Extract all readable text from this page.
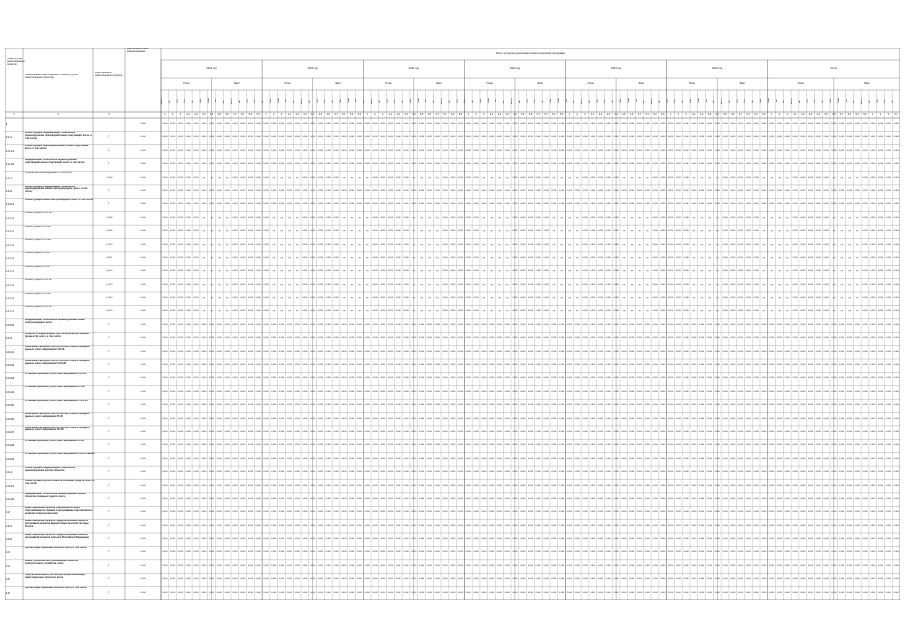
Номер группы инвестиционных проектов
Наименование инвестиционного проекта (группы инвестиционных проектов)
Идентификатор инвестиционного проекта
Фактический объем финансирования
Итого за период реализации инвестиционной программы
2019 год
План	Факт
2020 год
План	Факт
2021 год
План	Факт
2022 год
План	Факт
2023 год
План	Факт
2024 год
План	Факт
Итого
План	Факт
Всего
1
ВН
2
СН1
3
СН2
4.1
НН
4.2
МВт
4.3
МВА
4.4
км
4.5
шт.
4.6
Всего
4.7
ВН
5.1
СН1
5.2
СН2
5.3
НН
1
МВт
2
МВА
3
км
4.1
шт.
4.2
Всего
4.3
ВН
4.4
СН1
4.5
СН2
4.6
НН
4.7
МВт
5.1
МВА
5.2
км
5.3
шт.
1
Всего
2
ВН
3
СН1
4.1
СН2
4.2
НН
4.3
МВт
4.4
МВА
4.5
км
4.6
шт.
4.7
Всего
5.1
ВН
5.2
СН1
5.3
СН2
1
НН
2
МВт
3
МВА
4.1
км
4.2
шт.
4.3
Всего
4.4
ВН
4.5
СН1
4.6
СН2
4.7
НН
5.1
МВт
5.2
МВА
5.3
км
1
шт.
2
Всего
3
ВН
4.1
СН1
4.2
СН2
4.3
НН
4.4
МВт
4.5
МВА
4.6
км
4.7
шт.
5.1
Всего
5.2
ВН
5.3
СН1
1
СН2
2
НН
3
МВт
4.1
МВА
4.2
км
4.3
шт.
4.4
Всего
4.5
ВН
4.6
СН1
4.7
СН2
5.1
НН
5.2
МВт
5.3
МВА
1
км
2
шт.
3
Всего
4.1
ВН
4.2
СН1
4.3
СН2
4.4
НН
4.5
МВт
4.6
МВА
4.7
км
5.1
шт.
5.2
Всего
5.3
ВН
1
СН1
2
СН2
3
НН
4.1
1	2	3
1	0,000	0,000	0,000	0,000	0,000	0,000	0,000	0,000	0,000	0,000	0,000	0,000	0,000	0,000	0,000	0,000	0,000	0,000	0,000	0,000	0,000	0,000	0,000	0,000	0,000	0,000	0,000	0,000	0,000	0,000	0,000	0,000	0,000	0,000	0,000	0,000	0,000	0,000	0,000	0,000	0,000	0,000	0,000	0,000	0,000	0,000	0,000	0,000	0,000	0,000	0,000	0,000	0,000	0,000	0,000	0,000	0,000	0,000	0,000	0,000	0,000	0,000	0,000	0,000	0,000	0,000	0,000	0,000	0,000	0,000	0,000	0,000	0,000	0,000	0,000	0,000	0,000	0,000	0,000	0,000	0,000	0,000	0,000	0,000	0,000	0,000	0,000	0,000	0,000	0,000	0,000	0,000	0,000	0,000	0,000	0,000
1.1.1
Реконструкция, модернизация, техническое перевооружение трансформаторных подстанций, всего, в том числе:
Г	0,000	0,000	0,000	0,000	0,000	0,000	0,000	0,000	0,000	0,000	0,000	0,000	0,000	0,000	0,000	0,000	0,000	0,000	0,000	0,000	0,000	0,000	0,000	0,000	0,000	0,000	0,000	0,000	0,000	0,000	0,000	0,000	0,000	0,000	0,000	0,000	0,000	0,000	0,000	0,000	0,000	0,000	0,000	0,000	0,000	0,000	0,000	0,000	0,000	0,000	0,000	0,000	0,000	0,000	0,000	0,000	0,000	0,000	0,000	0,000	0,000	0,000	0,000	0,000	0,000	0,000	0,000	0,000	0,000	0,000	0,000	0,000	0,000	0,000	0,000	0,000	0,000	0,000	0,000	0,000	0,000	0,000	0,000	0,000	0,000	0,000	0,000	0,000	0,000	0,000	0,000	0,000	0,000	0,000	0,000	0,000
1.1.1.1
Реконструкция трансформаторных и иных подстанций, всего, в том числе:
Г	0,000	0,000	0,000	0,000	0,000	0,000	0,000	0,000	0,000	0,000	0,000	0,000	0,000	0,000	0,000	0,000	0,000	0,000	0,000	0,000	0,000	0,000	0,000	0,000	0,000	0,000	0,000	0,000	0,000	0,000	0,000	0,000	0,000	0,000	0,000	0,000	0,000	0,000	0,000	0,000	0,000	0,000	0,000	0,000	0,000	0,000	0,000	0,000	0,000	0,000	0,000	0,000	0,000	0,000	0,000	0,000	0,000	0,000	0,000	0,000	0,000	0,000	0,000	0,000	0,000	0,000	0,000	0,000	0,000	0,000	0,000	0,000	0,000	0,000	0,000	0,000	0,000	0,000	0,000	0,000	0,000	0,000	0,000	0,000	0,000	0,000	0,000	0,000	0,000	0,000	0,000	0,000	0,000	0,000	0,000	0,000
1.1.1.2
Модернизация, техническое перевооружение трансформаторных подстанций, всего, в том числе:
Г	0,000	0,000	0,000	0,000	0,000	0,000	0,000	0,000	0,000	0,000	0,000	0,000	0,000	0,000	0,000	0,000	0,000	0,000	0,000	0,000	0,000	0,000	0,000	0,000	0,000	0,000	0,000	0,000	0,000	0,000	0,000	0,000	0,000	0,000	0,000	0,000	0,000	0,000	0,000	0,000	0,000	0,000	0,000	0,000	0,000	0,000	0,000	0,000	0,000	0,000	0,000	0,000	0,000	0,000	0,000	0,000	0,000	0,000	0,000	0,000	0,000	0,000	0,000	0,000	0,000	0,000	0,000	0,000	0,000	0,000	0,000	0,000	0,000	0,000	0,000	0,000	0,000	0,000	0,000	0,000	0,000	0,000	0,000	0,000	0,000	0,000	0,000	0,000	0,000	0,000	0,000	0,000	0,000	0,000	0,000	0,000
1.2.1
Техническое перевооружение ПС 110/10 кВ
J_0004	0,000	0,000	0,000	0,000	0,000	0,000	нд	нд	нд	нд	0,000	0,000	0,000	0,000	0,000	нд	нд	нд	нд	0,000	0,000	0,000	0,000	0,000	нд	нд	нд	нд	0,000	0,000	0,000	0,000	0,000	нд	нд	нд	нд	0,000	0,000	0,000	0,000	0,000	нд	нд	нд	нд	0,000	0,000	0,000	0,000	0,000	нд	нд	нд	нд	0,000	0,000	0,000	0,000	0,000	нд	нд	нд	нд	0,000	0,000	0,000	0,000	0,000	нд	нд	нд	нд	0,000	0,000	0,000	0,000	0,000	нд	нд	нд	нд	0,000	0,000	0,000	0,000	0,000	нд	нд	нд	нд	0,000	0,000	0,000	0,000	0,000
1.1.2
Реконструкция, модернизация, техническое перевооружение линий электропередачи, всего, в том числе:
Г	0,000	0,000	0,000	0,000	0,000	0,000	0,000	0,000	0,000	0,000	0,000	0,000	0,000	0,000	0,000	0,000	0,000	0,000	0,000	0,000	0,000	0,000	0,000	0,000	0,000	0,000	0,000	0,000	0,000	0,000	0,000	0,000	0,000	0,000	0,000	0,000	0,000	0,000	0,000	0,000	0,000	0,000	0,000	0,000	0,000	0,000	0,000	0,000	0,000	0,000	0,000	0,000	0,000	0,000	0,000	0,000	0,000	0,000	0,000	0,000	0,000	0,000	0,000	0,000	0,000	0,000	0,000	0,000	0,000	0,000	0,000	0,000	0,000	0,000	0,000	0,000	0,000	0,000	0,000	0,000	0,000	0,000	0,000	0,000	0,000	0,000	0,000	0,000	0,000	0,000	0,000	0,000	0,000	0,000	0,000	0,000
1.1.2.1
Реконструкция линий электропередачи, всего, в том числе:
Г	0,000	0,000	0,000	0,000	0,000	0,000	0,000	0,000	0,000	0,000	0,000	0,000	0,000	0,000	0,000	0,000	0,000	0,000	0,000	0,000	0,000	0,000	0,000	0,000	0,000	0,000	0,000	0,000	0,000	0,000	0,000	0,000	0,000	0,000	0,000	0,000	0,000	0,000	0,000	0,000	0,000	0,000	0,000	0,000	0,000	0,000	0,000	0,000	0,000	0,000	0,000	0,000	0,000	0,000	0,000	0,000	0,000	0,000	0,000	0,000	0,000	0,000	0,000	0,000	0,000	0,000	0,000	0,000	0,000	0,000	0,000	0,000	0,000	0,000	0,000	0,000	0,000	0,000	0,000	0,000	0,000	0,000	0,000	0,000	0,000	0,000	0,000	0,000	0,000	0,000	0,000	0,000	0,000	0,000	0,000	0,000
1.1.2.1
Реконструкция ВЛ 0,4 кВ
J_0008	0,000	0,000	0,000	0,000	0,000	0,000	нд	нд	нд	нд	0,000	0,000	0,000	0,000	0,000	нд	нд	нд	нд	0,000	0,000	0,000	0,000	0,000	нд	нд	нд	нд	0,000	0,000	0,000	0,000	0,000	нд	нд	нд	нд	0,000	0,000	0,000	0,000	0,000	нд	нд	нд	нд	0,000	0,000	0,000	0,000	0,000	нд	нд	нд	нд	0,000	0,000	0,000	0,000	0,000	нд	нд	нд	нд	0,000	0,000	0,000	0,000	0,000	нд	нд	нд	нд	0,000	0,000	0,000	0,000	0,000	нд	нд	нд	нд	0,000	0,000	0,000	0,000	0,000	нд	нд	нд	нд	0,000	0,000	0,000	0,000	0,000
1.1.2.1
Реконструкция ВЛ 10 кВ
J_0009	0,000	0,000	0,000	0,000	0,000	0,000	нд	нд	нд	нд	0,000	0,000	0,000	0,000	0,000	нд	нд	нд	нд	0,000	0,000	0,000	0,000	0,000	нд	нд	нд	нд	0,000	0,000	0,000	0,000	0,000	нд	нд	нд	нд	0,000	0,000	0,000	0,000	0,000	нд	нд	нд	нд	0,000	0,000	0,000	0,000	0,000	нд	нд	нд	нд	0,000	0,000	0,000	0,000	0,000	нд	нд	нд	нд	0,000	0,000	0,000	0,000	0,000	нд	нд	нд	нд	0,000	0,000	0,000	0,000	0,000	нд	нд	нд	нд	0,000	0,000	0,000	0,000	0,000	нд	нд	нд	нд	0,000	0,000	0,000	0,000	0,000
1.1.2.1
Реконструкция КЛ 10 кВ
J_0010	0,000	0,000	0,000	0,000	0,000	0,000	нд	нд	нд	нд	0,000	0,000	0,000	0,000	0,000	нд	нд	нд	нд	0,000	0,000	0,000	0,000	0,000	нд	нд	нд	нд	0,000	0,000	0,000	0,000	0,000	нд	нд	нд	нд	0,000	0,000	0,000	0,000	0,000	нд	нд	нд	нд	0,000	0,000	0,000	0,000	0,000	нд	нд	нд	нд	0,000	0,000	0,000	0,000	0,000	нд	нд	нд	нд	0,000	0,000	0,000	0,000	0,000	нд	нд	нд	нд	0,000	0,000	0,000	0,000	0,000	нд	нд	нд	нд	0,000	0,000	0,000	0,000	0,000	нд	нд	нд	нд	0,000	0,000	0,000	0,000	0,000
1.1.2.1
Реконструкция ВЛ 6 кВ
J_0011	0,000	0,000	0,000	0,000	0,000	0,000	нд	нд	нд	нд	0,000	0,000	0,000	0,000	0,000	нд	нд	нд	нд	0,000	0,000	0,000	0,000	0,000	нд	нд	нд	нд	0,000	0,000	0,000	0,000	0,000	нд	нд	нд	нд	0,000	0,000	0,000	0,000	0,000	нд	нд	нд	нд	0,000	0,000	0,000	0,000	0,000	нд	нд	нд	нд	0,000	0,000	0,000	0,000	0,000	нд	нд	нд	нд	0,000	0,000	0,000	0,000	0,000	нд	нд	нд	нд	0,000	0,000	0,000	0,000	0,000	нд	нд	нд	нд	0,000	0,000	0,000	0,000	0,000	нд	нд	нд	нд	0,000	0,000	0,000	0,000	0,000
1.1.2.1
Реконструкция КЛ 6 кВ
J_0012	0,000	0,000	0,000	0,000	0,000	0,000	нд	нд	нд	нд	0,000	0,000	0,000	0,000	0,000	нд	нд	нд	нд	0,000	0,000	0,000	0,000	0,000	нд	нд	нд	нд	0,000	0,000	0,000	0,000	0,000	нд	нд	нд	нд	0,000	0,000	0,000	0,000	0,000	нд	нд	нд	нд	0,000	0,000	0,000	0,000	0,000	нд	нд	нд	нд	0,000	0,000	0,000	0,000	0,000	нд	нд	нд	нд	0,000	0,000	0,000	0,000	0,000	нд	нд	нд	нд	0,000	0,000	0,000	0,000	0,000	нд	нд	нд	нд	0,000	0,000	0,000	0,000	0,000	нд	нд	нд	нд	0,000	0,000	0,000	0,000	0,000
1.1.2.1
Реконструкция ВЛ 0,4 кВ
J_0013	0,000	0,000	0,000	0,000	0,000	0,000	нд	нд	нд	нд	0,000	0,000	0,000	0,000	0,000	нд	нд	нд	нд	0,000	0,000	0,000	0,000	0,000	нд	нд	нд	нд	0,000	0,000	0,000	0,000	0,000	нд	нд	нд	нд	0,000	0,000	0,000	0,000	0,000	нд	нд	нд	нд	0,000	0,000	0,000	0,000	0,000	нд	нд	нд	нд	0,000	0,000	0,000	0,000	0,000	нд	нд	нд	нд	0,000	0,000	0,000	0,000	0,000	нд	нд	нд	нд	0,000	0,000	0,000	0,000	0,000	нд	нд	нд	нд	0,000	0,000	0,000	0,000	0,000	нд	нд	нд	нд	0,000	0,000	0,000	0,000	0,000
1.1.2.1
Реконструкция ВЛ 10 кВ
J_0014	0,000	0,000	0,000	0,000	0,000	0,000	нд	нд	нд	нд	0,000	0,000	0,000	0,000	0,000	нд	нд	нд	нд	0,000	0,000	0,000	0,000	0,000	нд	нд	нд	нд	0,000	0,000	0,000	0,000	0,000	нд	нд	нд	нд	0,000	0,000	0,000	0,000	0,000	нд	нд	нд	нд	0,000	0,000	0,000	0,000	0,000	нд	нд	нд	нд	0,000	0,000	0,000	0,000	0,000	нд	нд	нд	нд	0,000	0,000	0,000	0,000	0,000	нд	нд	нд	нд	0,000	0,000	0,000	0,000	0,000	нд	нд	нд	нд	0,000	0,000	0,000	0,000	0,000	нд	нд	нд	нд	0,000	0,000	0,000	0,000	0,000
1.1.2.1
Реконструкция ВЛ 0,4 кВ
J_0015	0,000	0,000	0,000	0,000	0,000	0,000	нд	нд	нд	нд	0,000	0,000	0,000	0,000	0,000	нд	нд	нд	нд	0,000	0,000	0,000	0,000	0,000	нд	нд	нд	нд	0,000	0,000	0,000	0,000	0,000	нд	нд	нд	нд	0,000	0,000	0,000	0,000	0,000	нд	нд	нд	нд	0,000	0,000	0,000	0,000	0,000	нд	нд	нд	нд	0,000	0,000	0,000	0,000	0,000	нд	нд	нд	нд	0,000	0,000	0,000	0,000	0,000	нд	нд	нд	нд	0,000	0,000	0,000	0,000	0,000	нд	нд	нд	нд	0,000	0,000	0,000	0,000	0,000	нд	нд	нд	нд	0,000	0,000	0,000	0,000	0,000
1.1.2.2
Модернизация, техническое перевооружение линий электропередачи, всего
Г	0,000	0,000	0,000	0,000	0,000	0,000	0,000	0,000	0,000	0,000	0,000	0,000	0,000	0,000	0,000	0,000	0,000	0,000	0,000	0,000	0,000	0,000	0,000	0,000	0,000	0,000	0,000	0,000	0,000	0,000	0,000	0,000	0,000	0,000	0,000	0,000	0,000	0,000	0,000	0,000	0,000	0,000	0,000	0,000	0,000	0,000	0,000	0,000	0,000	0,000	0,000	0,000	0,000	0,000	0,000	0,000	0,000	0,000	0,000	0,000	0,000	0,000	0,000	0,000	0,000	0,000	0,000	0,000	0,000	0,000	0,000	0,000	0,000	0,000	0,000	0,000	0,000	0,000	0,000	0,000	0,000	0,000	0,000	0,000	0,000	0,000	0,000	0,000	0,000	0,000	0,000	0,000	0,000	0,000	0,000	0,000
1.1.3
Развитие и модернизация учета электрической энергии (мощности), всего, в том числе:
Г	0,000	0,000	0,000	0,000	0,000	0,000	0,000	0,000	0,000	0,000	0,000	0,000	0,000	0,000	0,000	0,000	0,000	0,000	0,000	0,000	0,000	0,000	0,000	0,000	0,000	0,000	0,000	0,000	0,000	0,000	0,000	0,000	0,000	0,000	0,000	0,000	0,000	0,000	0,000	0,000	0,000	0,000	0,000	0,000	0,000	0,000	0,000	0,000	0,000	0,000	0,000	0,000	0,000	0,000	0,000	0,000	0,000	0,000	0,000	0,000	0,000	0,000	0,000	0,000	0,000	0,000	0,000	0,000	0,000	0,000	0,000	0,000	0,000	0,000	0,000	0,000	0,000	0,000	0,000	0,000	0,000	0,000	0,000	0,000	0,000	0,000	0,000	0,000	0,000	0,000	0,000	0,000	0,000	0,000	0,000	0,000
1.1.3.1
Включение приборов учета в систему сбора и передачи данных, класс напряжения 0,22 кВ
Г	0,000	0,000	0,000	0,000	0,000	0,000	0,000	0,000	0,000	0,000	0,000	0,000	0,000	0,000	0,000	0,000	0,000	0,000	0,000	0,000	0,000	0,000	0,000	0,000	0,000	0,000	0,000	0,000	0,000	0,000	0,000	0,000	0,000	0,000	0,000	0,000	0,000	0,000	0,000	0,000	0,000	0,000	0,000	0,000	0,000	0,000	0,000	0,000	0,000	0,000	0,000	0,000	0,000	0,000	0,000	0,000	0,000	0,000	0,000	0,000	0,000	0,000	0,000	0,000	0,000	0,000	0,000	0,000	0,000	0,000	0,000	0,000	0,000	0,000	0,000	0,000	0,000	0,000	0,000	0,000	0,000	0,000	0,000	0,000	0,000	0,000	0,000	0,000	0,000	0,000	0,000	0,000	0,000	0,000	0,000	0,000
1.1.3.2
Включение приборов учета в систему сбора и передачи данных, класс напряжения 6 (10) кВ
Г	0,000	0,000	0,000	0,000	0,000	0,000	0,000	0,000	0,000	0,000	0,000	0,000	0,000	0,000	0,000	0,000	0,000	0,000	0,000	0,000	0,000	0,000	0,000	0,000	0,000	0,000	0,000	0,000	0,000	0,000	0,000	0,000	0,000	0,000	0,000	0,000	0,000	0,000	0,000	0,000	0,000	0,000	0,000	0,000	0,000	0,000	0,000	0,000	0,000	0,000	0,000	0,000	0,000	0,000	0,000	0,000	0,000	0,000	0,000	0,000	0,000	0,000	0,000	0,000	0,000	0,000	0,000	0,000	0,000	0,000	0,000	0,000	0,000	0,000	0,000	0,000	0,000	0,000	0,000	0,000	0,000	0,000	0,000	0,000	0,000	0,000	0,000	0,000	0,000	0,000	0,000	0,000	0,000	0,000	0,000	0,000
1.1.3.3
Установка приборов учета, класс напряжения 0,22 кВ
Г	0,000	0,000	0,000	0,000	0,000	0,000	0,000	0,000	0,000	0,000	0,000	0,000	0,000	0,000	0,000	0,000	0,000	0,000	0,000	0,000	0,000	0,000	0,000	0,000	0,000	0,000	0,000	0,000	0,000	0,000	0,000	0,000	0,000	0,000	0,000	0,000	0,000	0,000	0,000	0,000	0,000	0,000	0,000	0,000	0,000	0,000	0,000	0,000	0,000	0,000	0,000	0,000	0,000	0,000	0,000	0,000	0,000	0,000	0,000	0,000	0,000	0,000	0,000	0,000	0,000	0,000	0,000	0,000	0,000	0,000	0,000	0,000	0,000	0,000	0,000	0,000	0,000	0,000	0,000	0,000	0,000	0,000	0,000	0,000	0,000	0,000	0,000	0,000	0,000	0,000	0,000	0,000	0,000	0,000	0,000	0,000
1.1.3.4
Установка приборов учета, класс напряжения 0,4 кВ
Г	0,000	0,000	0,000	0,000	0,000	0,000	0,000	0,000	0,000	0,000	0,000	0,000	0,000	0,000	0,000	0,000	0,000	0,000	0,000	0,000	0,000	0,000	0,000	0,000	0,000	0,000	0,000	0,000	0,000	0,000	0,000	0,000	0,000	0,000	0,000	0,000	0,000	0,000	0,000	0,000	0,000	0,000	0,000	0,000	0,000	0,000	0,000	0,000	0,000	0,000	0,000	0,000	0,000	0,000	0,000	0,000	0,000	0,000	0,000	0,000	0,000	0,000	0,000	0,000	0,000	0,000	0,000	0,000	0,000	0,000	0,000	0,000	0,000	0,000	0,000	0,000	0,000	0,000	0,000	0,000	0,000	0,000	0,000	0,000	0,000	0,000	0,000	0,000	0,000	0,000	0,000	0,000	0,000	0,000	0,000	0,000
1.1.3.5
Установка приборов учета, класс напряжения 6 (10) кВ
Г	0,000	0,000	0,000	0,000	0,000	0,000	0,000	0,000	0,000	0,000	0,000	0,000	0,000	0,000	0,000	0,000	0,000	0,000	0,000	0,000	0,000	0,000	0,000	0,000	0,000	0,000	0,000	0,000	0,000	0,000	0,000	0,000	0,000	0,000	0,000	0,000	0,000	0,000	0,000	0,000	0,000	0,000	0,000	0,000	0,000	0,000	0,000	0,000	0,000	0,000	0,000	0,000	0,000	0,000	0,000	0,000	0,000	0,000	0,000	0,000	0,000	0,000	0,000	0,000	0,000	0,000	0,000	0,000	0,000	0,000	0,000	0,000	0,000	0,000	0,000	0,000	0,000	0,000	0,000	0,000	0,000	0,000	0,000	0,000	0,000	0,000	0,000	0,000	0,000	0,000	0,000	0,000	0,000	0,000	0,000	0,000
1.1.3.6
Включение приборов учета в систему сбора и передачи данных, класс напряжения 35 кВ
Г	0,000	0,000	0,000	0,000	0,000	0,000	0,000	0,000	0,000	0,000	0,000	0,000	0,000	0,000	0,000	0,000	0,000	0,000	0,000	0,000	0,000	0,000	0,000	0,000	0,000	0,000	0,000	0,000	0,000	0,000	0,000	0,000	0,000	0,000	0,000	0,000	0,000	0,000	0,000	0,000	0,000	0,000	0,000	0,000	0,000	0,000	0,000	0,000	0,000	0,000	0,000	0,000	0,000	0,000	0,000	0,000	0,000	0,000	0,000	0,000	0,000	0,000	0,000	0,000	0,000	0,000	0,000	0,000	0,000	0,000	0,000	0,000	0,000	0,000	0,000	0,000	0,000	0,000	0,000	0,000	0,000	0,000	0,000	0,000	0,000	0,000	0,000	0,000	0,000	0,000	0,000	0,000	0,000	0,000	0,000	0,000
1.1.3.7
Включение приборов учета в систему сбора и передачи данных, класс напряжения 110 кВ
Г	0,000	0,000	0,000	0,000	0,000	0,000	0,000	0,000	0,000	0,000	0,000	0,000	0,000	0,000	0,000	0,000	0,000	0,000	0,000	0,000	0,000	0,000	0,000	0,000	0,000	0,000	0,000	0,000	0,000	0,000	0,000	0,000	0,000	0,000	0,000	0,000	0,000	0,000	0,000	0,000	0,000	0,000	0,000	0,000	0,000	0,000	0,000	0,000	0,000	0,000	0,000	0,000	0,000	0,000	0,000	0,000	0,000	0,000	0,000	0,000	0,000	0,000	0,000	0,000	0,000	0,000	0,000	0,000	0,000	0,000	0,000	0,000	0,000	0,000	0,000	0,000	0,000	0,000	0,000	0,000	0,000	0,000	0,000	0,000	0,000	0,000	0,000	0,000	0,000	0,000	0,000	0,000	0,000	0,000	0,000	0,000
1.1.3.8
Установка приборов учета, класс напряжения 35 кВ
Г	0,000	0,000	0,000	0,000	0,000	0,000	0,000	0,000	0,000	0,000	0,000	0,000	0,000	0,000	0,000	0,000	0,000	0,000	0,000	0,000	0,000	0,000	0,000	0,000	0,000	0,000	0,000	0,000	0,000	0,000	0,000	0,000	0,000	0,000	0,000	0,000	0,000	0,000	0,000	0,000	0,000	0,000	0,000	0,000	0,000	0,000	0,000	0,000	0,000	0,000	0,000	0,000	0,000	0,000	0,000	0,000	0,000	0,000	0,000	0,000	0,000	0,000	0,000	0,000	0,000	0,000	0,000	0,000	0,000	0,000	0,000	0,000	0,000	0,000	0,000	0,000	0,000	0,000	0,000	0,000	0,000	0,000	0,000	0,000	0,000	0,000	0,000	0,000	0,000	0,000	0,000	0,000	0,000	0,000	0,000	0,000
1.1.3.9
Установка приборов учета, класс напряжения 110 кВ и выше
Г	0,000	0,000	0,000	0,000	0,000	0,000	0,000	0,000	0,000	0,000	0,000	0,000	0,000	0,000	0,000	0,000	0,000	0,000	0,000	0,000	0,000	0,000	0,000	0,000	0,000	0,000	0,000	0,000	0,000	0,000	0,000	0,000	0,000	0,000	0,000	0,000	0,000	0,000	0,000	0,000	0,000	0,000	0,000	0,000	0,000	0,000	0,000	0,000	0,000	0,000	0,000	0,000	0,000	0,000	0,000	0,000	0,000	0,000	0,000	0,000	0,000	0,000	0,000	0,000	0,000	0,000	0,000	0,000	0,000	0,000	0,000	0,000	0,000	0,000	0,000	0,000	0,000	0,000	0,000	0,000	0,000	0,000	0,000	0,000	0,000	0,000	0,000	0,000	0,000	0,000	0,000	0,000	0,000	0,000	0,000	0,000
1.1.4
Реконструкция, модернизация, техническое перевооружение прочих объектов
Г	0,000	0,000	0,000	0,000	0,000	0,000	0,000	0,000	0,000	0,000	0,000	0,000	0,000	0,000	0,000	0,000	0,000	0,000	0,000	0,000	0,000	0,000	0,000	0,000	0,000	0,000	0,000	0,000	0,000	0,000	0,000	0,000	0,000	0,000	0,000	0,000	0,000	0,000	0,000	0,000	0,000	0,000	0,000	0,000	0,000	0,000	0,000	0,000	0,000	0,000	0,000	0,000	0,000	0,000	0,000	0,000	0,000	0,000	0,000	0,000	0,000	0,000	0,000	0,000	0,000	0,000	0,000	0,000	0,000	0,000	0,000	0,000	0,000	0,000	0,000	0,000	0,000	0,000	0,000	0,000	0,000	0,000	0,000	0,000	0,000	0,000	0,000	0,000	0,000	0,000	0,000	0,000	0,000	0,000	0,000	0,000
1.1.4.1
Реконструкция прочих объектов основных средств, всего, в том числе:
Г	0,000	0,000	0,000	0,000	0,000	0,000	0,000	0,000	0,000	0,000	0,000	0,000	0,000	0,000	0,000	0,000	0,000	0,000	0,000	0,000	0,000	0,000	0,000	0,000	0,000	0,000	0,000	0,000	0,000	0,000	0,000	0,000	0,000	0,000	0,000	0,000	0,000	0,000	0,000	0,000	0,000	0,000	0,000	0,000	0,000	0,000	0,000	0,000	0,000	0,000	0,000	0,000	0,000	0,000	0,000	0,000	0,000	0,000	0,000	0,000	0,000	0,000	0,000	0,000	0,000	0,000	0,000	0,000	0,000	0,000	0,000	0,000	0,000	0,000	0,000	0,000	0,000	0,000	0,000	0,000	0,000	0,000	0,000	0,000	0,000	0,000	0,000	0,000	0,000	0,000	0,000	0,000	0,000	0,000	0,000	0,000
1.1.4.2
Модернизация, техническое перевооружение прочих объектов основных средств, всего
Г	0,000	0,000	0,000	0,000	0,000	0,000	0,000	0,000	0,000	0,000	0,000	0,000	0,000	0,000	0,000	0,000	0,000	0,000	0,000	0,000	0,000	0,000	0,000	0,000	0,000	0,000	0,000	0,000	0,000	0,000	0,000	0,000	0,000	0,000	0,000	0,000	0,000	0,000	0,000	0,000	0,000	0,000	0,000	0,000	0,000	0,000	0,000	0,000	0,000	0,000	0,000	0,000	0,000	0,000	0,000	0,000	0,000	0,000	0,000	0,000	0,000	0,000	0,000	0,000	0,000	0,000	0,000	0,000	0,000	0,000	0,000	0,000	0,000	0,000	0,000	0,000	0,000	0,000	0,000	0,000	0,000	0,000	0,000	0,000	0,000	0,000	0,000	0,000	0,000	0,000	0,000	0,000	0,000	0,000	0,000	0,000
1.2
Инвестиционные проекты, реализация которых обуславливается схемами и программами перспективного развития электроэнергетики
Г	0,000	0,000	0,000	0,000	0,000	0,000	0,000	0,000	0,000	0,000	0,000	0,000	0,000	0,000	0,000	0,000	0,000	0,000	0,000	0,000	0,000	0,000	0,000	0,000	0,000	0,000	0,000	0,000	0,000	0,000	0,000	0,000	0,000	0,000	0,000	0,000	0,000	0,000	0,000	0,000	0,000	0,000	0,000	0,000	0,000	0,000	0,000	0,000	0,000	0,000	0,000	0,000	0,000	0,000	0,000	0,000	0,000	0,000	0,000	0,000	0,000	0,000	0,000	0,000	0,000	0,000	0,000	0,000	0,000	0,000	0,000	0,000	0,000	0,000	0,000	0,000	0,000	0,000	0,000	0,000	0,000	0,000	0,000	0,000	0,000	0,000	0,000	0,000	0,000	0,000	0,000	0,000	0,000	0,000	0,000	0,000
1.2.1
Инвестиционные проекты, предусмотренные схемой и программой развития Единой энергетической системы России
Г	0,000	0,000	0,000	0,000	0,000	0,000	0,000	0,000	0,000	0,000	0,000	0,000	0,000	0,000	0,000	0,000	0,000	0,000	0,000	0,000	0,000	0,000	0,000	0,000	0,000	0,000	0,000	0,000	0,000	0,000	0,000	0,000	0,000	0,000	0,000	0,000	0,000	0,000	0,000	0,000	0,000	0,000	0,000	0,000	0,000	0,000	0,000	0,000	0,000	0,000	0,000	0,000	0,000	0,000	0,000	0,000	0,000	0,000	0,000	0,000	0,000	0,000	0,000	0,000	0,000	0,000	0,000	0,000	0,000	0,000	0,000	0,000	0,000	0,000	0,000	0,000	0,000	0,000	0,000	0,000	0,000	0,000	0,000	0,000	0,000	0,000	0,000	0,000	0,000	0,000	0,000	0,000	0,000	0,000	0,000	0,000
1.2.2
Инвестиционные проекты, предусмотренные схемой и программой развития субъекта Российской Федерации
Г	0,000	0,000	0,000	0,000	0,000	0,000	0,000	0,000	0,000	0,000	0,000	0,000	0,000	0,000	0,000	0,000	0,000	0,000	0,000	0,000	0,000	0,000	0,000	0,000	0,000	0,000	0,000	0,000	0,000	0,000	0,000	0,000	0,000	0,000	0,000	0,000	0,000	0,000	0,000	0,000	0,000	0,000	0,000	0,000	0,000	0,000	0,000	0,000	0,000	0,000	0,000	0,000	0,000	0,000	0,000	0,000	0,000	0,000	0,000	0,000	0,000	0,000	0,000	0,000	0,000	0,000	0,000	0,000	0,000	0,000	0,000	0,000	0,000	0,000	0,000	0,000	0,000	0,000	0,000	0,000	0,000	0,000	0,000	0,000	0,000	0,000	0,000	0,000	0,000	0,000	0,000	0,000	0,000	0,000	0,000	0,000
1.3
Прочие инвестиционные проекты, всего, в том числе:
Г	0,000	0,000	0,000	0,000	0,000	0,000	0,000	0,000	0,000	0,000	0,000	0,000	0,000	0,000	0,000	0,000	0,000	0,000	0,000	0,000	0,000	0,000	0,000	0,000	0,000	0,000	0,000	0,000	0,000	0,000	0,000	0,000	0,000	0,000	0,000	0,000	0,000	0,000	0,000	0,000	0,000	0,000	0,000	0,000	0,000	0,000	0,000	0,000	0,000	0,000	0,000	0,000	0,000	0,000	0,000	0,000	0,000	0,000	0,000	0,000	0,000	0,000	0,000	0,000	0,000	0,000	0,000	0,000	0,000	0,000	0,000	0,000	0,000	0,000	0,000	0,000	0,000	0,000	0,000	0,000	0,000	0,000	0,000	0,000	0,000	0,000	0,000	0,000	0,000	0,000	0,000	0,000	0,000	0,000	0,000	0,000
1.4
Новое строительство и расширение объектов электросетевого хозяйства, всего
Г	0,000	0,000	0,000	0,000	0,000	0,000	0,000	0,000	0,000	0,000	0,000	0,000	0,000	0,000	0,000	0,000	0,000	0,000	0,000	0,000	0,000	0,000	0,000	0,000	0,000	0,000	0,000	0,000	0,000	0,000	0,000	0,000	0,000	0,000	0,000	0,000	0,000	0,000	0,000	0,000	0,000	0,000	0,000	0,000	0,000	0,000	0,000	0,000	0,000	0,000	0,000	0,000	0,000	0,000	0,000	0,000	0,000	0,000	0,000	0,000	0,000	0,000	0,000	0,000	0,000	0,000	0,000	0,000	0,000	0,000	0,000	0,000	0,000	0,000	0,000	0,000	0,000	0,000	0,000	0,000	0,000	0,000	0,000	0,000	0,000	0,000	0,000	0,000	0,000	0,000	0,000	0,000	0,000	0,000	0,000	0,000
1.5
Покупка земельных участков для целей реализации инвестиционных проектов, всего
Г	0,000	0,000	0,000	0,000	0,000	0,000	0,000	0,000	0,000	0,000	0,000	0,000	0,000	0,000	0,000	0,000	0,000	0,000	0,000	0,000	0,000	0,000	0,000	0,000	0,000	0,000	0,000	0,000	0,000	0,000	0,000	0,000	0,000	0,000	0,000	0,000	0,000	0,000	0,000	0,000	0,000	0,000	0,000	0,000	0,000	0,000	0,000	0,000	0,000	0,000	0,000	0,000	0,000	0,000	0,000	0,000	0,000	0,000	0,000	0,000	0,000	0,000	0,000	0,000	0,000	0,000	0,000	0,000	0,000	0,000	0,000	0,000	0,000	0,000	0,000	0,000	0,000	0,000	0,000	0,000	0,000	0,000	0,000	0,000	0,000	0,000	0,000	0,000	0,000	0,000	0,000	0,000	0,000	0,000	0,000	0,000
1.6
Прочие инвестиционные проекты, всего, в том числе:
Г	0,000	0,000	0,000	0,000	0,000	0,000	0,000	0,000	0,000	0,000	0,000	0,000	0,000	0,000	0,000	0,000	0,000	0,000	0,000	0,000	0,000	0,000	0,000	0,000	0,000	0,000	0,000	0,000	0,000	0,000	0,000	0,000	0,000	0,000	0,000	0,000	0,000	0,000	0,000	0,000	0,000	0,000	0,000	0,000	0,000	0,000	0,000	0,000	0,000	0,000	0,000	0,000	0,000	0,000	0,000	0,000	0,000	0,000	0,000	0,000	0,000	0,000	0,000	0,000	0,000	0,000	0,000	0,000	0,000	0,000	0,000	0,000	0,000	0,000	0,000	0,000	0,000	0,000	0,000	0,000	0,000	0,000	0,000	0,000	0,000	0,000	0,000	0,000	0,000	0,000	0,000	0,000	0,000	0,000	0,000	0,000
